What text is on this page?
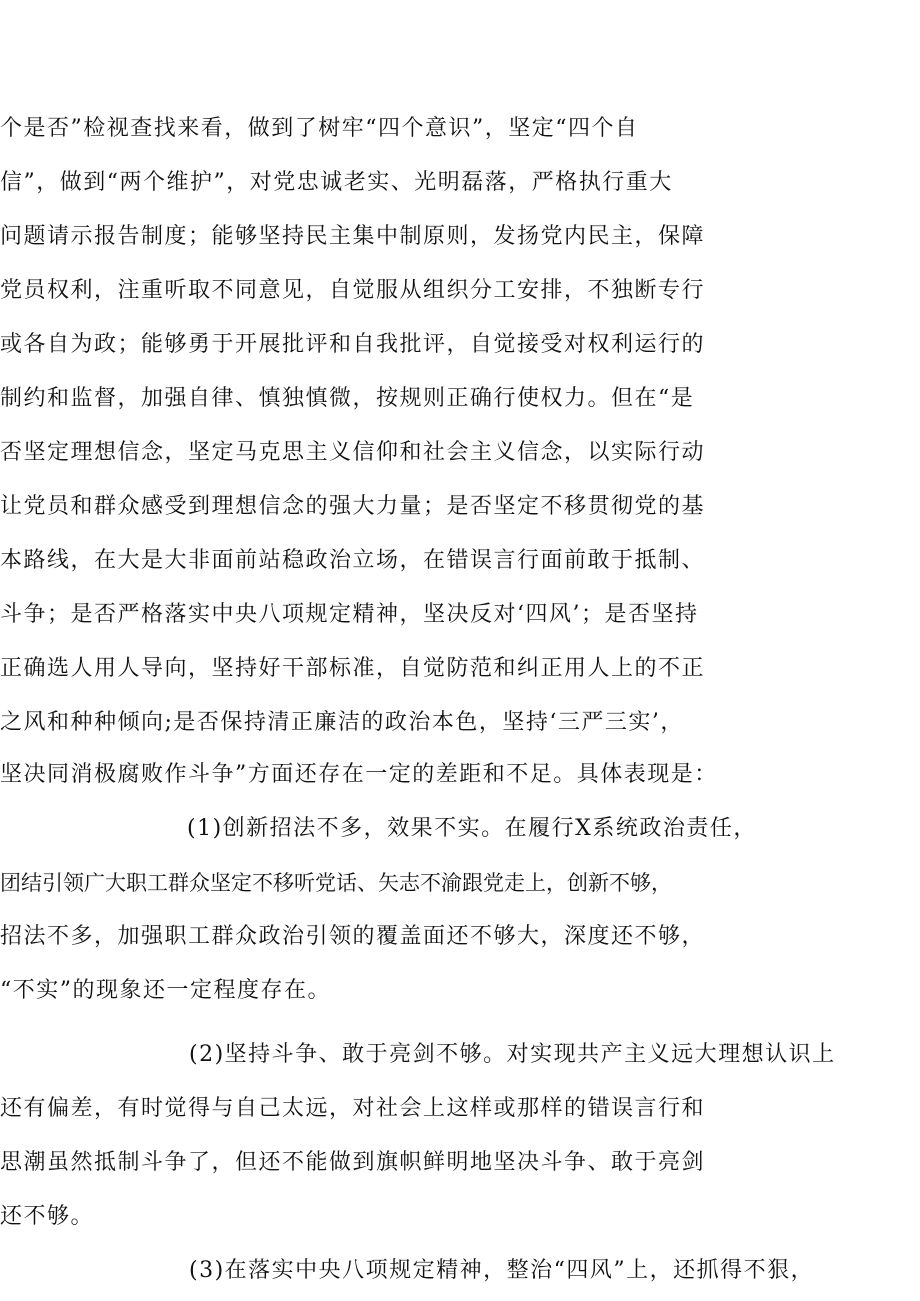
个是否”检视查找来看，做到了树牢“四个意识”，坚定“四个自

信”，做到“两个维护”，对党忠诚老实、光明磊落，严格执行重大

问题请示报告制度；能够坚持民主集中制原则，发扬党内民主，保障

党员权利，注重听取不同意见，自觉服从组织分工安排，不独断专行

或各自为政；能够勇于开展批评和自我批评，自觉接受对权利运行的

制约和监督，加强自律、慎独慎微，按规则正确行使权力。但在“是

否坚定理想信念，坚定马克思主义信仰和社会主义信念，以实际行动

让党员和群众感受到理想信念的强大力量；是否坚定不移贯彻党的基

本路线，在大是大非面前站稳政治立场，在错误言行面前敢于抵制、

斗争；是否严格落实中央八项规定精神，坚决反对‘四风’；是否坚持

正确选人用人导向，坚持好干部标准，自觉防范和纠正用人上的不正

之风和种种倾向;是否保持清正廉洁的政治本色，坚持‘三严三实’，

坚决同消极腐败作斗争”方面还存在一定的差距和不足。具体表现是：

(1)创新招法不多，效果不实。在履行X系统政治责任，

团结引领广大职工群众坚定不移听党话、矢志不渝跟党走上，创新不够，

招法不多，加强职工群众政治引领的覆盖面还不够大，深度还不够，

“不实”的现象还一定程度存在。

(2)坚持斗争、敢于亮剑不够。对实现共产主义远大理想认识上

还有偏差，有时觉得与自己太远，对社会上这样或那样的错误言行和

思潮虽然抵制斗争了，但还不能做到旗帜鲜明地坚决斗争、敢于亮剑

还不够。

(3)在落实中央八项规定精神，整治“四风”上，还抓得不狠，
